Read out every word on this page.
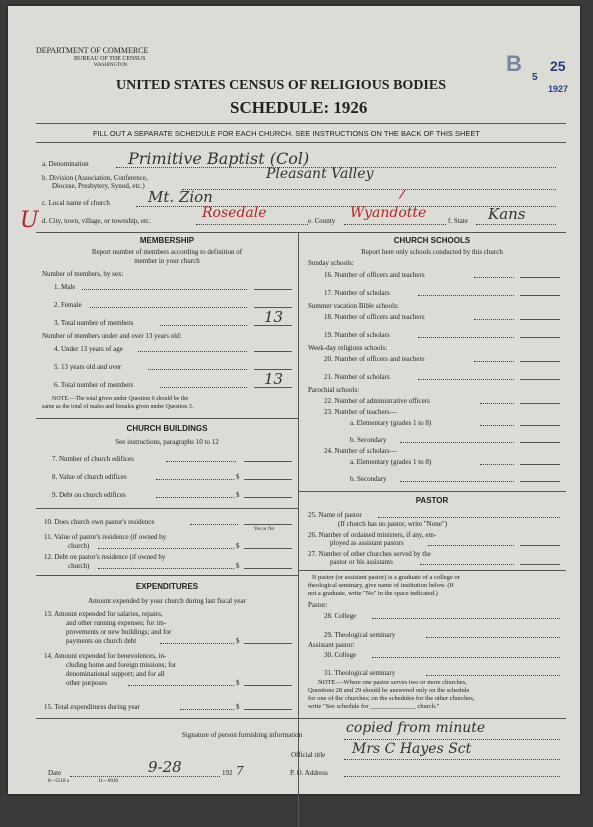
DEPARTMENT OF COMMERCE
BUREAU OF THE CENSUS
WASHINGTON
UNITED STATES CENSUS OF RELIGIOUS BODIES
SCHEDULE: 1926
B 25
5
1927
FILL OUT A SEPARATE SCHEDULE FOR EACH CHURCH. SEE INSTRUCTIONS ON THE BACK OF THIS SHEET
a. Denomination Primitive Baptist (Col)
b. Division (Association, Conference,
Diocese, Presbytery, Synod, etc.)
Pleasant Valley
c. Local name of church	Mt. Zion	/
U d. City, town, village, or township, etc.	Rosedale	e. County Wyandotte	f. State Kans
MEMBERSHIP
Report number of members according to definition of
member in your church
Number of members, by sex:
1. Male
2. Female
3. Total number of members	13
Number of members under and over 13 years old:
4. Under 13 years of age
5. 13 years old and over
6. Total number of members	13
NOTE.—The total given under Question 6 should be the
same as the total of males and females given under Question 3.
CHURCH BUILDINGS
See instructions, paragraphs 10 to 12
7. Number of church edifices
8. Value of church edifices	$
9. Debt on church edifices	$
10. Does church own pastor's residence
Yes or No
11. Value of pastor's residence (if owned by
church)	$
12. Debt on pastor's residence (if owned by
church)	$
EXPENDITURES
Amount expended by your church during last fiscal year
13. Amount expended for salaries, repairs,
and other running expenses; for im-
provements or new buildings; and for
payments on church debt	$
14. Amount expended for benevolences, in-
cluding home and foreign missions; for
denominational support; and for all
other purposes	$
15. Total expenditures during year	$
CHURCH SCHOOLS
Report here only schools conducted by this church
Sunday schools:
16. Number of officers and teachers
17. Number of scholars
Summer vacation Bible schools:
18. Number of officers and teachers
19. Number of scholars
Week-day religious schools:
20. Number of officers and teachers
21. Number of scholars
Parochial schools:
22. Number of administrative officers
23. Number of teachers—
a. Elementary (grades 1 to 8)
b. Secondary
24. Number of scholars—
a. Elementary (grades 1 to 8)
b. Secondary
PASTOR
25. Name of pastor
(If church has no pastor, write "None")
26. Number of ordained ministers, if any, em-
ployed as assistant pastors
27. Number of other churches served by the
pastor or his assistants
If pastor (or assistant pastor) is a graduate of a college or
theological seminary, give name of institution below. (If
not a graduate, write "No" in the space indicated.)
Pastor:
28. College
29. Theological seminary
Assistant pastor:
30. College
31. Theological seminary
NOTE.—Where one pastor serves two or more churches,
Questions 28 and 29 should be answered only on the schedule
for one of the churches; on the schedules for the other churches,
write "See schedule for ______________ church."
Signature of person furnishing information	copied from minute
Official title Mrs C Hayes Sct
Date	9-28	192 7	P. O. Address
8—5518 a	11—9018
